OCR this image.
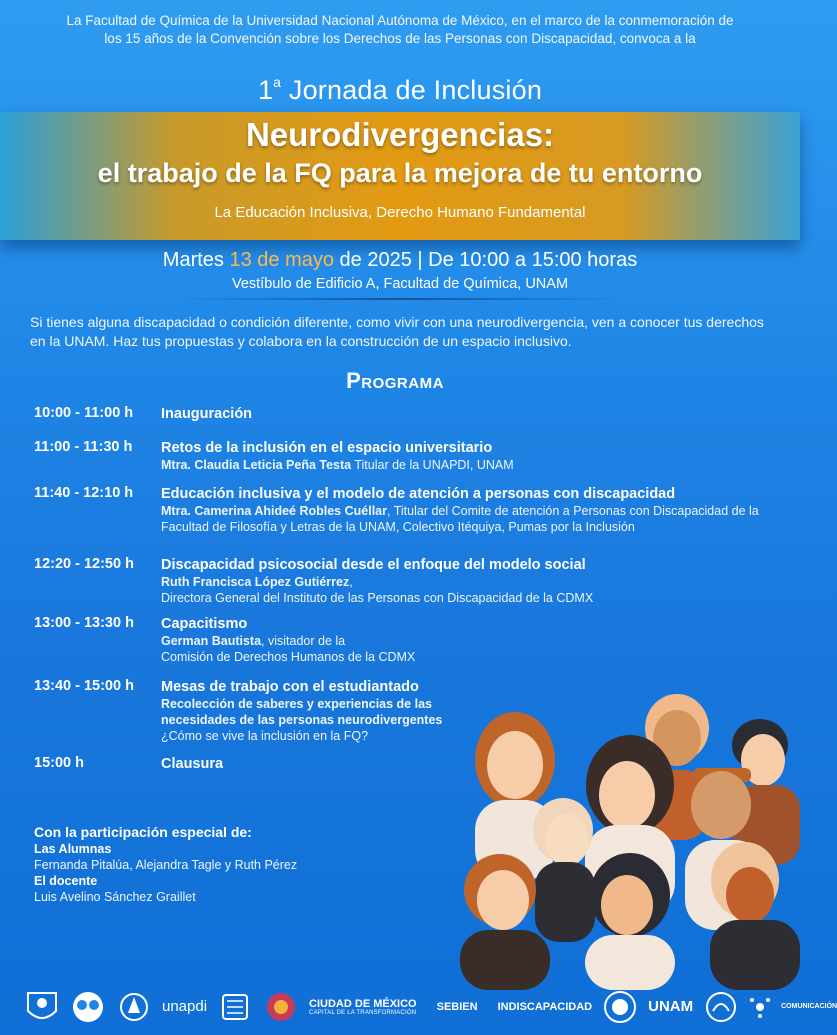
La Facultad de Química de la Universidad Nacional Autónoma de México, en el marco de la conmemoración de los 15 años de la Convención sobre los Derechos de las Personas con Discapacidad, convoca a la
1$^a$ Jornada de Inclusión
Neurodivergencias:
el trabajo de la FQ para la mejora de tu entorno
La Educación Inclusiva, Derecho Humano Fundamental
Martes 13 de mayo de 2025 | De 10:00 a 15:00 horas
Vestíbulo de Edificio A, Facultad de Química, UNAM
Si tienes alguna discapacidad o condición diferente, como vivir con una neurodivergencia, ven a conocer tus derechos en la UNAM. Haz tus propuestas y colabora en la construcción de un espacio inclusivo.
Programa
10:00 - 11:00 h	Inauguración
11:00 - 11:30 h	Retos de la inclusión en el espacio universitario
Mtra. Claudia Leticia Peña Testa Titular de la UNAPDI, UNAM
11:40 - 12:10 h	Educación inclusiva y el modelo de atención a personas con discapacidad
Mtra. Camerina Ahideé Robles Cuéllar, Titular del Comite de atención a Personas con Discapacidad de la Facultad de Filosofía y Letras de la UNAM, Colectivo Itéquiya, Pumas por la Inclusión
12:20 - 12:50 h	Discapacidad psicosocial desde el enfoque del modelo social
Ruth Francisca López Gutiérrez,
Directora General del Instituto de las Personas con Discapacidad de la CDMX
13:00 - 13:30 h	Capacitismo
German Bautista, visitador de la
Comisión de Derechos Humanos de la CDMX
13:40 - 15:00 h	Mesas de trabajo con el estudiantado
Recolección de saberes y experiencias de las necesidades de las personas neurodivergentes
¿Cómo se vive la inclusión en la FQ?
15:00 h	Clausura
Con la participación especial de:
Las Alumnas
Fernanda Pitalúa, Alejandra Tagle y Ruth Pérez
El docente
Luis Avelino Sánchez Graillet
unapdi	CIUDAD DE MÉXICO
CAPITAL DE LA TRANSFORMACIÓN SEBIEN INDISCAPACIDAD	UNAM	COMUNICACIÓN
